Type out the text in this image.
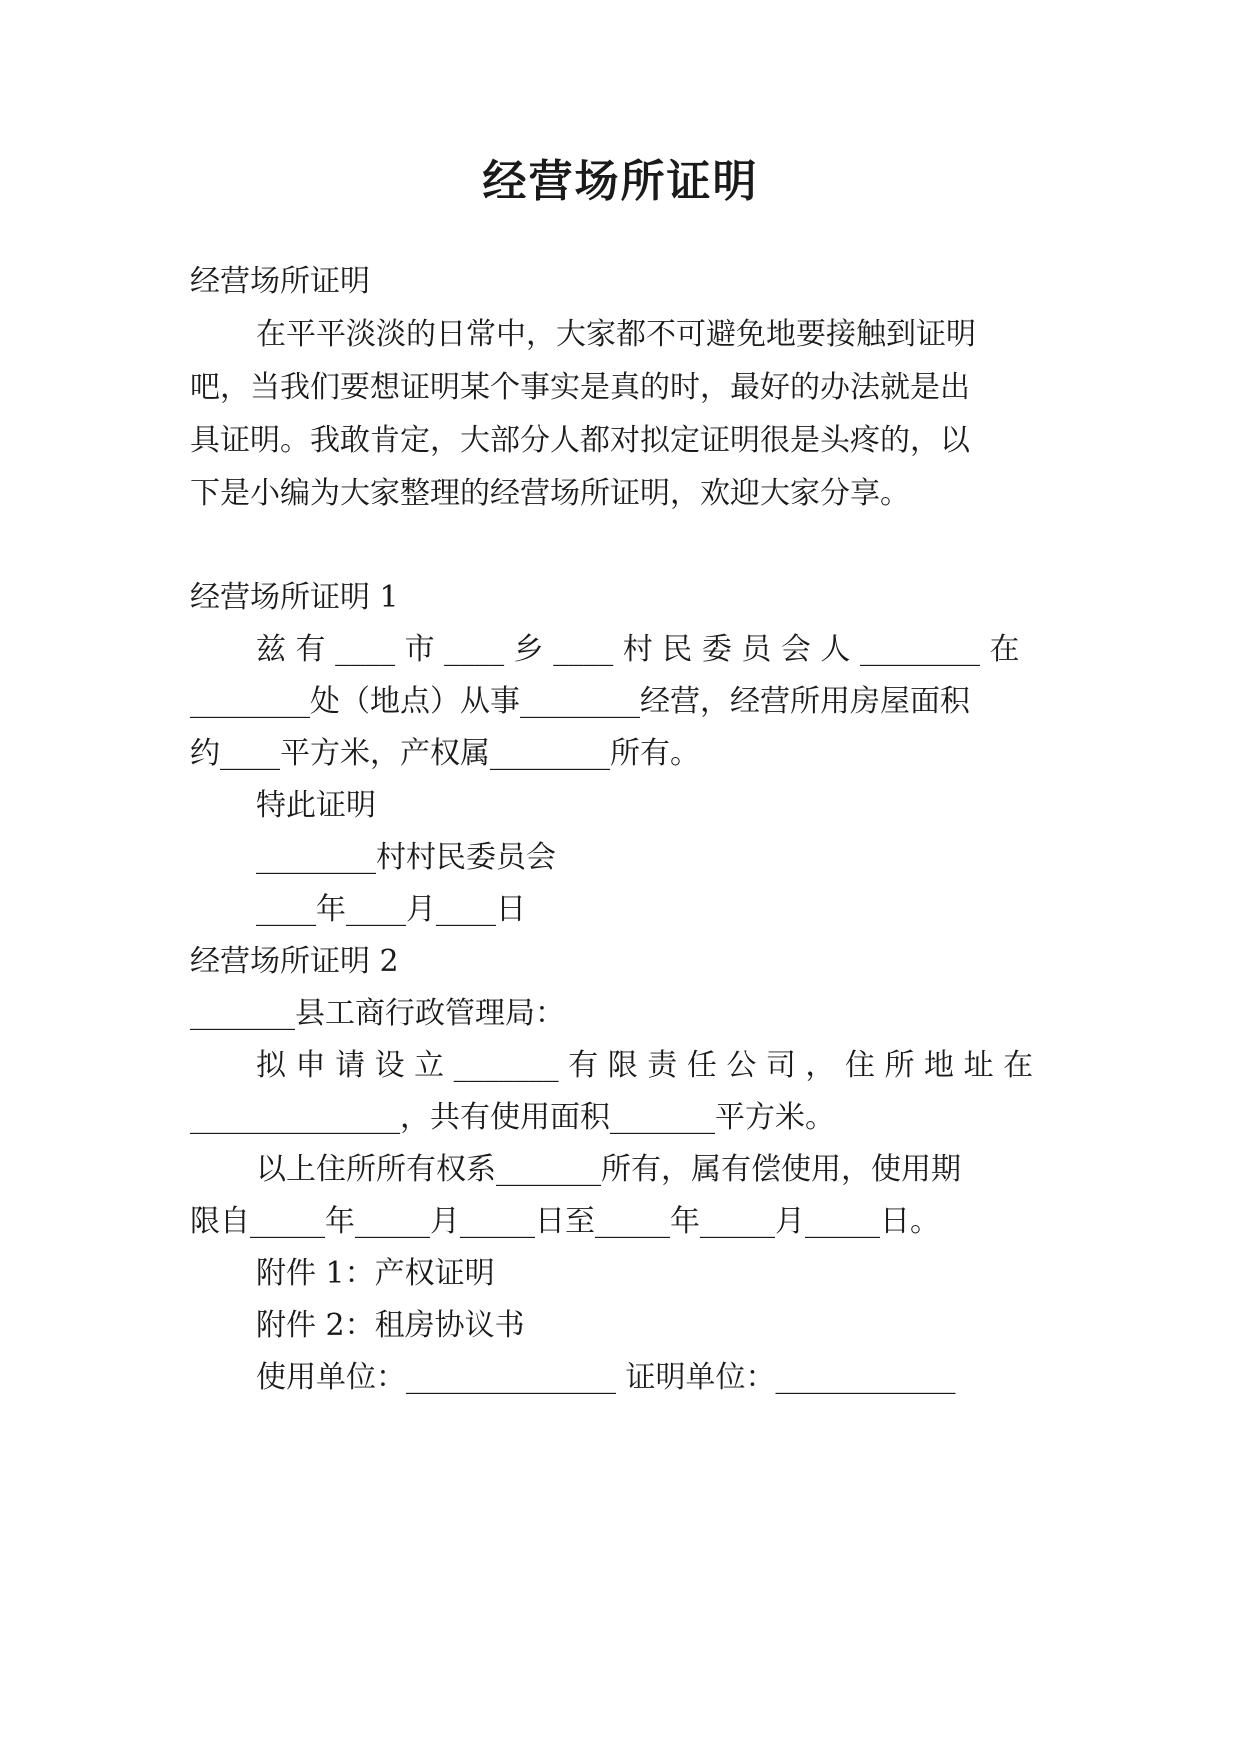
经营场所证明
经营场所证明
在平平淡淡的日常中，大家都不可避免地要接触到证明
吧，当我们要想证明某个事实是真的时，最好的办法就是出
具证明。我敢肯定，大部分人都对拟定证明很是头疼的，以
下是小编为大家整理的经营场所证明，欢迎大家分享。
经营场所证明 1
兹 有 ____ 市 ____ 乡 ____ 村 民 委 员 会 人 ________ 在
________处（地点）从事________经营，经营所用房屋面积
约____平方米，产权属________所有。
特此证明
________村村民委员会
____年____月____日
经营场所证明 2
_______县工商行政管理局：
拟 申 请 设 立 _______ 有 限 责 任 公 司 ， 住 所 地 址 在
______________，共有使用面积_______平方米。
以上住所所有权系_______所有，属有偿使用，使用期
限自_____年_____月_____日至_____年_____月_____日。
附件 1：产权证明
附件 2：租房协议书
使用单位：______________ 证明单位：____________
